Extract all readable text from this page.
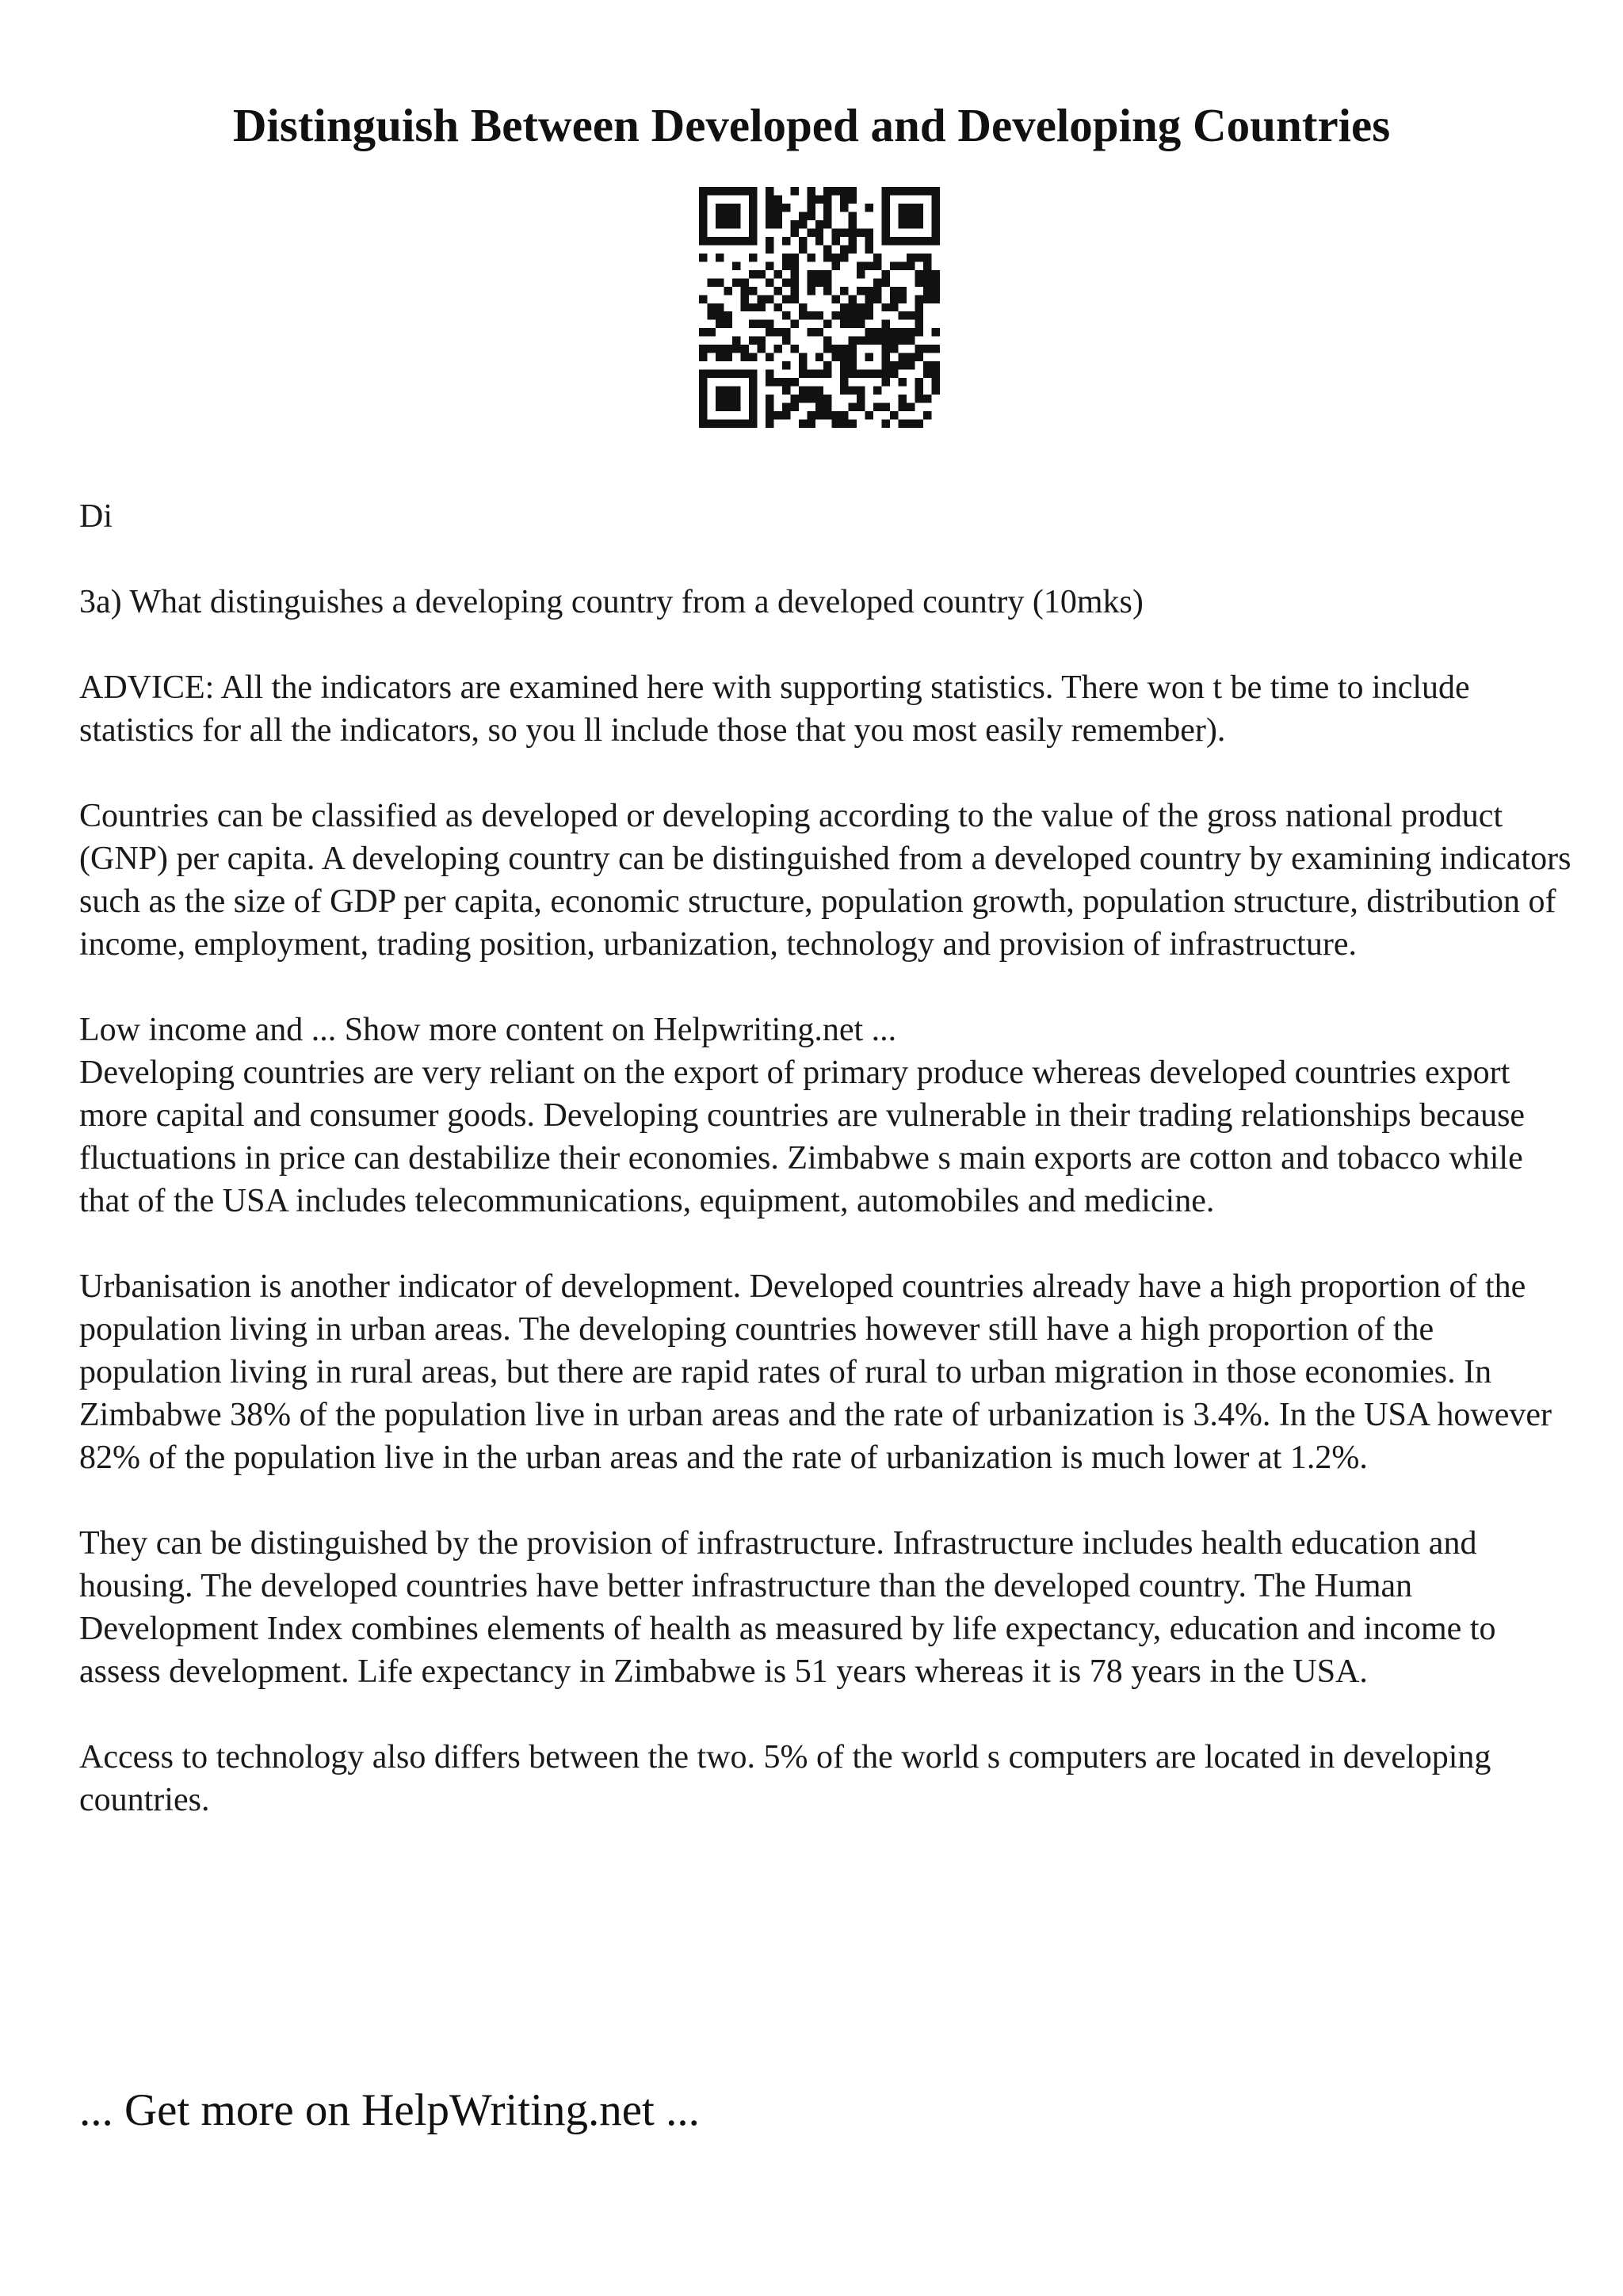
Distinguish Between Developed and Developing Countries

Di

3a) What distinguishes a developing country from a developed country (10mks)

ADVICE: All the indicators are examined here with supporting statistics. There won t be time to include statistics for all the indicators, so you ll include those that you most easily remember).

Countries can be classified as developed or developing according to the value of the gross national product (GNP) per capita. A developing country can be distinguished from a developed country by examining indicators such as the size of GDP per capita, economic structure, population growth, population structure, distribution of income, employment, trading position, urbanization, technology and provision of infrastructure.

Low income and ... Show more content on Helpwriting.net ...

Developing countries are very reliant on the export of primary produce whereas developed countries export more capital and consumer goods. Developing countries are vulnerable in their trading relationships because fluctuations in price can destabilize their economies. Zimbabwe s main exports are cotton and tobacco while that of the USA includes telecommunications, equipment, automobiles and medicine.

Urbanisation is another indicator of development. Developed countries already have a high proportion of the population living in urban areas. The developing countries however still have a high proportion of the population living in rural areas, but there are rapid rates of rural to urban migration in those economies. In Zimbabwe 38% of the population live in urban areas and the rate of urbanization is 3.4%. In the USA however 82% of the population live in the urban areas and the rate of urbanization is much lower at 1.2%.

They can be distinguished by the provision of infrastructure. Infrastructure includes health education and housing. The developed countries have better infrastructure than the developed country. The Human Development Index combines elements of health as measured by life expectancy, education and income to assess development. Life expectancy in Zimbabwe is 51 years whereas it is 78 years in the USA.

Access to technology also differs between the two. 5% of the world s computers are located in developing countries.

... Get more on HelpWriting.net ...
